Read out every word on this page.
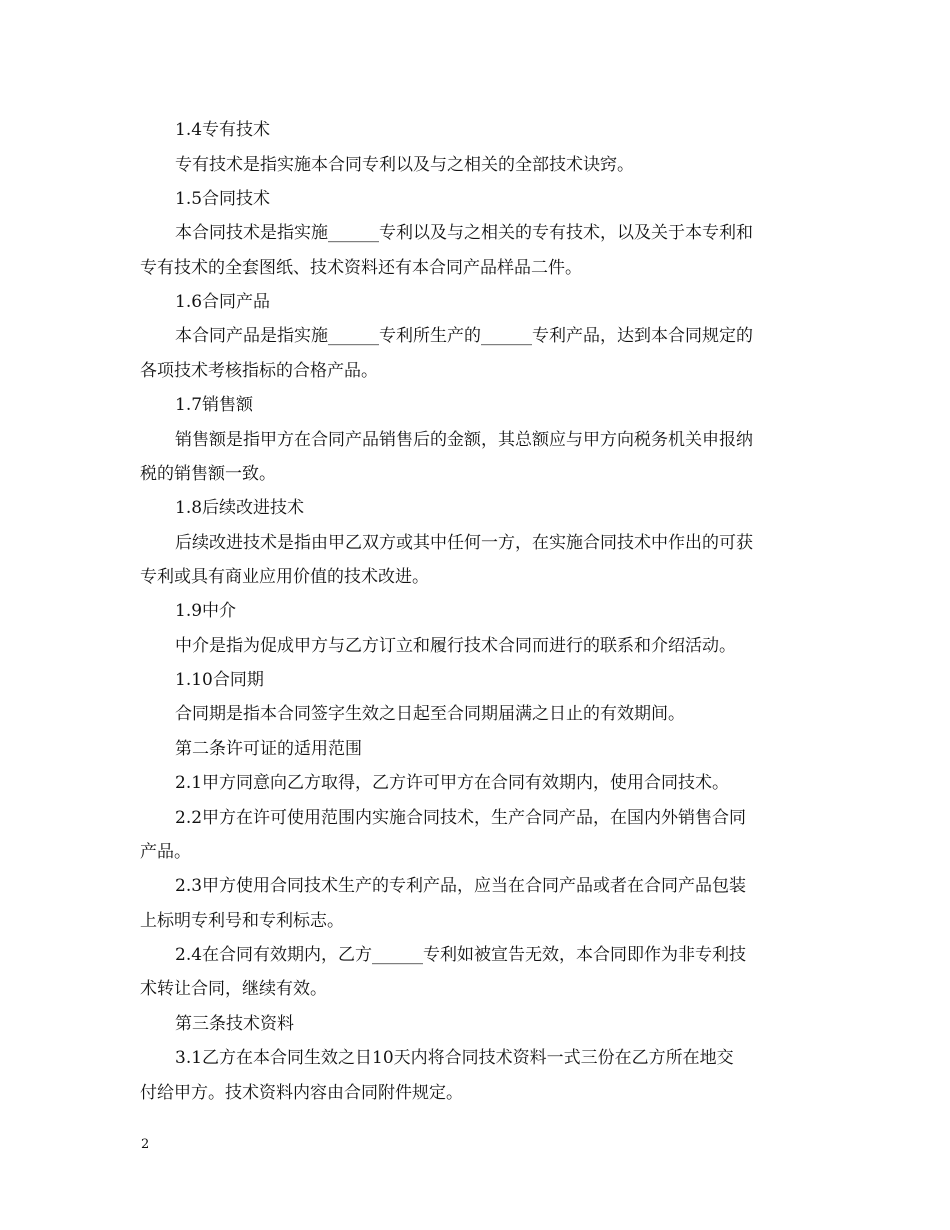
1.4专有技术

专有技术是指实施本合同专利以及与之相关的全部技术诀窍。

1.5合同技术

本合同技术是指实施______专利以及与之相关的专有技术，以及关于本专利和

专有技术的全套图纸、技术资料还有本合同产品样品二件。

1.6合同产品

本合同产品是指实施______专利所生产的______专利产品，达到本合同规定的

各项技术考核指标的合格产品。

1.7销售额

销售额是指甲方在合同产品销售后的金额，其总额应与甲方向税务机关申报纳

税的销售额一致。

1.8后续改进技术

后续改进技术是指由甲乙双方或其中任何一方，在实施合同技术中作出的可获

专利或具有商业应用价值的技术改进。

1.9中介

中介是指为促成甲方与乙方订立和履行技术合同而进行的联系和介绍活动。

1.10合同期

合同期是指本合同签字生效之日起至合同期届满之日止的有效期间。

第二条许可证的适用范围

2.1甲方同意向乙方取得，乙方许可甲方在合同有效期内，使用合同技术。

2.2甲方在许可使用范围内实施合同技术，生产合同产品，在国内外销售合同

产品。

2.3甲方使用合同技术生产的专利产品，应当在合同产品或者在合同产品包装

上标明专利号和专利标志。

2.4在合同有效期内，乙方______专利如被宣告无效，本合同即作为非专利技

术转让合同，继续有效。

第三条技术资料

3.1乙方在本合同生效之日10天内将合同技术资料一式三份在乙方所在地交

付给甲方。技术资料内容由合同附件规定。

2
